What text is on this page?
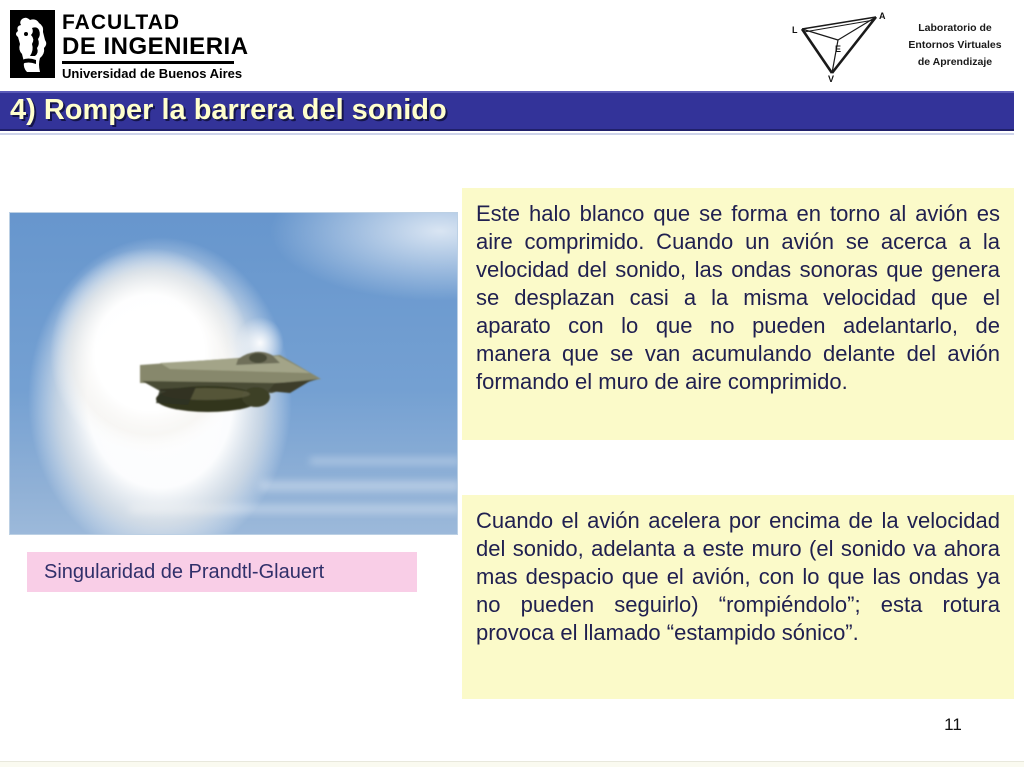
FACULTAD
DE INGENIERIA
Universidad de Buenos Aires
L
A
E
V
Laboratorio de
Entornos Virtuales
de Aprendizaje
4) Romper la barrera del sonido
Singularidad de Prandtl-Glauert
Este halo blanco que se forma en torno al avión es aire comprimido. Cuando un avión se acerca a la velocidad del sonido, las ondas sonoras que genera se desplazan casi a la misma velocidad que el aparato con lo que no pueden adelantarlo, de manera que se van acumulando delante del avión formando el muro de aire comprimido.
Cuando el avión acelera por encima de la velocidad del sonido, adelanta a este muro (el sonido va ahora mas despacio que el avión, con lo que las ondas ya no pueden seguirlo) “rompiéndolo”; esta rotura provoca el llamado “estampido sónico”.
11
